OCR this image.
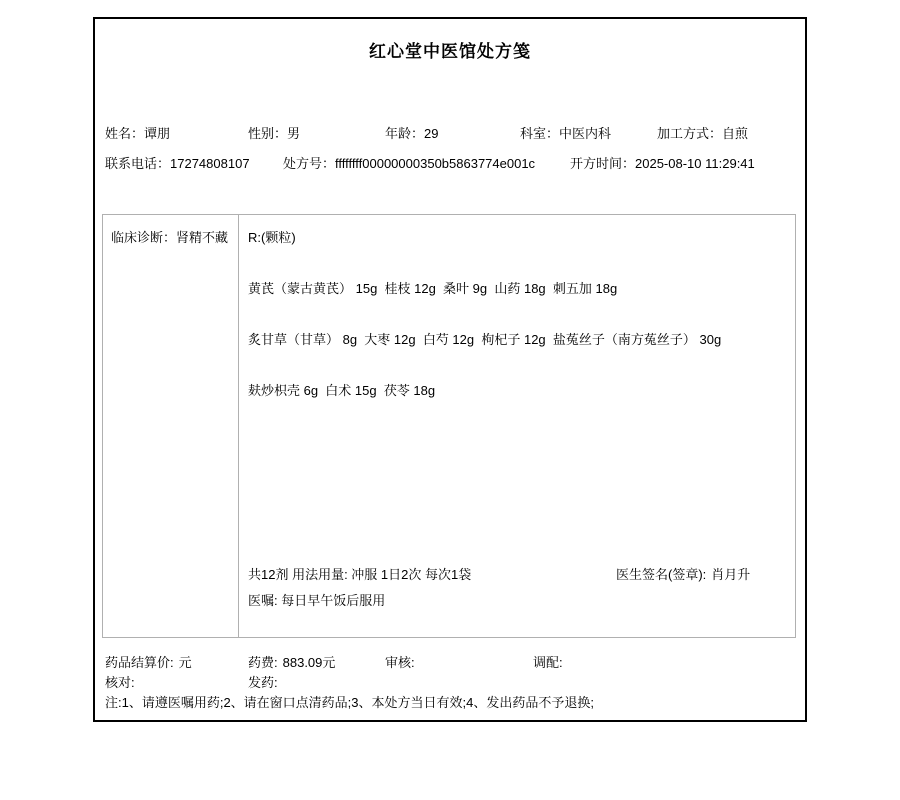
红心堂中医馆处方笺
姓名：谭朋	性别：男	年龄：29	科室：中医内科	加工方式：自煎
联系电话：17274808107	处方号：ffffffff00000000350b5863774e001c	开方时间：2025-08-10 11:29:41
临床诊断：肾精不藏	R:(颗粒)
黄芪（蒙古黄芪） 15g  桂枝 12g  桑叶 9g  山药 18g  刺五加 18g
炙甘草（甘草） 8g  大枣 12g  白芍 12g  枸杞子 12g  盐菟丝子（南方菟丝子） 30g
麸炒枳壳 6g  白术 15g  茯苓 18g
共12剂 用法用量: 冲服 1日2次 每次1袋	医生签名(签章): 肖月升
医嘱: 每日早午饭后服用
药品结算价: 元	药费: 883.09元	审核:	调配:
核对:	发药:
注:1、请遵医嘱用药;2、请在窗口点清药品;3、本处方当日有效;4、发出药品不予退换;
